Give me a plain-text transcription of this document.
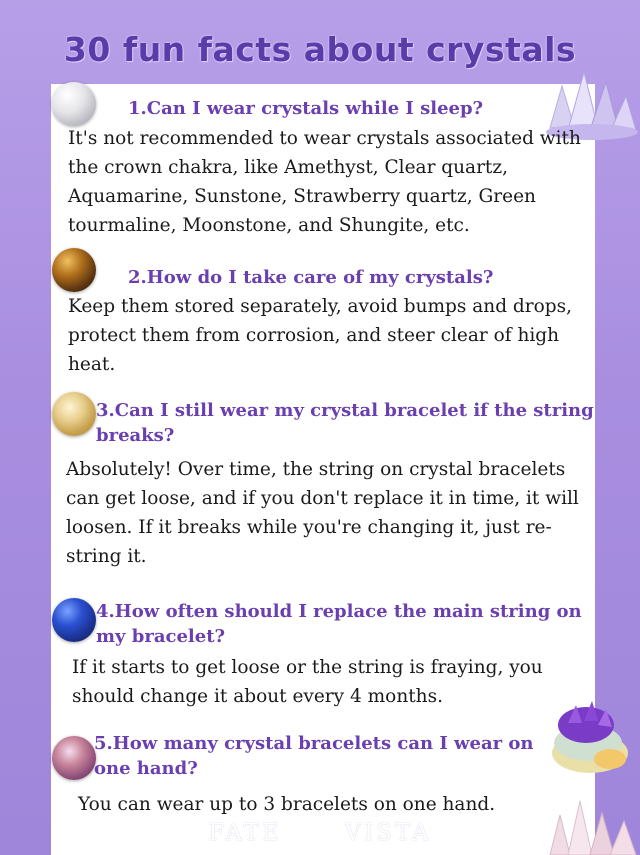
30 fun facts about crystals
1.Can I wear crystals while I sleep?
It's not recommended to wear crystals associated with
the crown chakra, like Amethyst, Clear quartz,
Aquamarine, Sunstone, Strawberry quartz, Green
tourmaline, Moonstone, and Shungite, etc.
2.How do I take care of my crystals?
Keep them stored separately, avoid bumps and drops,
protect them from corrosion, and steer clear of high
heat.
3.Can I still wear my crystal bracelet if the string
breaks?
Absolutely! Over time, the string on crystal bracelets
can get loose, and if you don't replace it in time, it will
loosen. If it breaks while you're changing it, just re-
string it.
4.How often should I replace the main string on
my bracelet?
If it starts to get loose or the string is fraying, you
should change it about every 4 months.
5.How many crystal bracelets can I wear on
one hand?
You can wear up to 3 bracelets on one hand.
FATE	VISTA
